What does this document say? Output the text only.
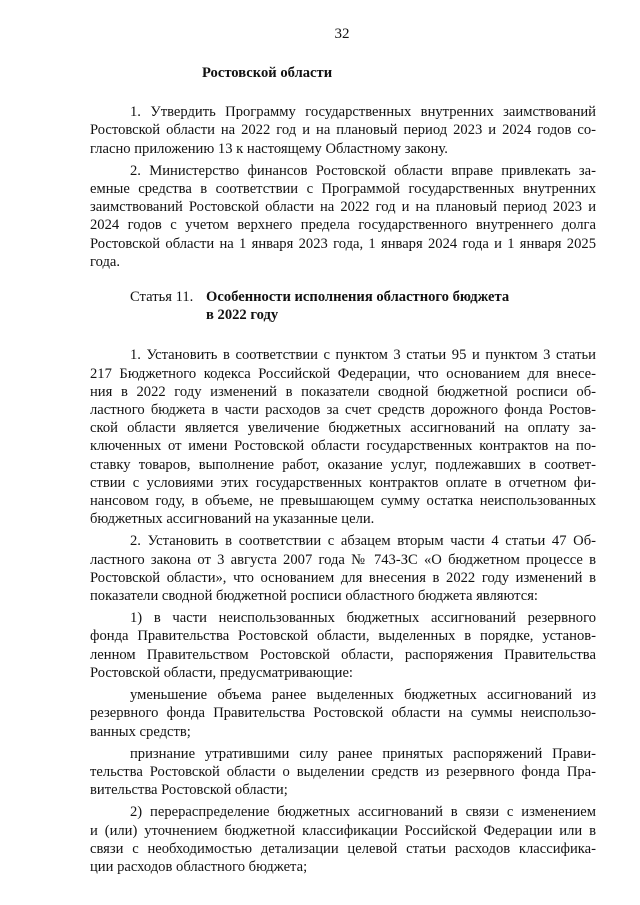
32
Ростовской области
1. Утвердить Программу государственных внутренних заимствований
Ростовской области на 2022 год и на плановый период 2023 и 2024 годов со-
гласно приложению 13 к настоящему Областному закону.
2. Министерство финансов Ростовской области вправе привлекать за-
емные средства в соответствии с Программой государственных внутренних
заимствований Ростовской области на 2022 год и на плановый период 2023 и
2024 годов с учетом верхнего предела государственного внутреннего долга
Ростовской области на 1 января 2023 года, 1 января 2024 года и 1 января 2025
года.
Статья 11. Особенности исполнения областного бюджета
в 2022 году
1. Установить в соответствии с пунктом 3 статьи 95 и пунктом 3 статьи
217 Бюджетного кодекса Российской Федерации, что основанием для внесе-
ния в 2022 году изменений в показатели сводной бюджетной росписи об-
ластного бюджета в части расходов за счет средств дорожного фонда Ростов-
ской области является увеличение бюджетных ассигнований на оплату за-
ключенных от имени Ростовской области государственных контрактов на по-
ставку товаров, выполнение работ, оказание услуг, подлежавших в соответ-
ствии с условиями этих государственных контрактов оплате в отчетном фи-
нансовом году, в объеме, не превышающем сумму остатка неиспользованных
бюджетных ассигнований на указанные цели.
2. Установить в соответствии с абзацем вторым части 4 статьи 47 Об-
ластного закона от 3 августа 2007 года № 743-ЗС «О бюджетном процессе в
Ростовской области», что основанием для внесения в 2022 году изменений в
показатели сводной бюджетной росписи областного бюджета являются:
1) в части неиспользованных бюджетных ассигнований резервного
фонда Правительства Ростовской области, выделенных в порядке, установ-
ленном Правительством Ростовской области, распоряжения Правительства
Ростовской области, предусматривающие:
уменьшение объема ранее выделенных бюджетных ассигнований из
резервного фонда Правительства Ростовской области на суммы неиспользо-
ванных средств;
признание утратившими силу ранее принятых распоряжений Прави-
тельства Ростовской области о выделении средств из резервного фонда Пра-
вительства Ростовской области;
2) перераспределение бюджетных ассигнований в связи с изменением
и (или) уточнением бюджетной классификации Российской Федерации или в
связи с необходимостью детализации целевой статьи расходов классифика-
ции расходов областного бюджета;
